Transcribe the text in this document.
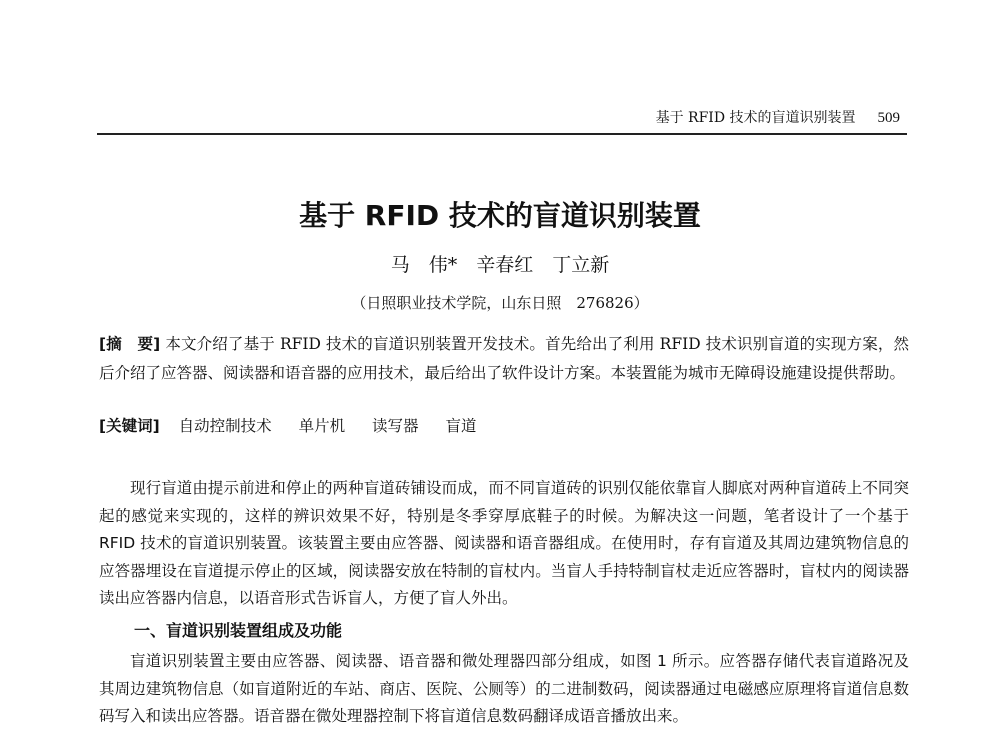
基于 RFID 技术的盲道识别装置 509
基于 RFID 技术的盲道识别装置
马　伟*　辛春红　丁立新
（日照职业技术学院，山东日照　276826）
[摘　要] 本文介绍了基于 RFID 技术的盲道识别装置开发技术。首先给出了利用 RFID 技术识别盲道的实现方案，然后介绍了应答器、阅读器和语音器的应用技术，最后给出了软件设计方案。本装置能为城市无障碍设施建设提供帮助。
[关键词] 自动控制技术 单片机 读写器 盲道
现行盲道由提示前进和停止的两种盲道砖铺设而成，而不同盲道砖的识别仅能依靠盲人脚底对两种盲道砖上不同突起的感觉来实现的，这样的辨识效果不好，特别是冬季穿厚底鞋子的时候。为解决这一问题，笔者设计了一个基于 RFID 技术的盲道识别装置。该装置主要由应答器、阅读器和语音器组成。在使用时，存有盲道及其周边建筑物信息的应答器埋设在盲道提示停止的区域，阅读器安放在特制的盲杖内。当盲人手持特制盲杖走近应答器时，盲杖内的阅读器读出应答器内信息，以语音形式告诉盲人，方便了盲人外出。
一、盲道识别装置组成及功能
盲道识别装置主要由应答器、阅读器、语音器和微处理器四部分组成，如图 1 所示。应答器存储代表盲道路况及其周边建筑物信息（如盲道附近的车站、商店、医院、公厕等）的二进制数码，阅读器通过电磁感应原理将盲道信息数码写入和读出应答器。语音器在微处理器控制下将盲道信息数码翻译成语音播放出来。
